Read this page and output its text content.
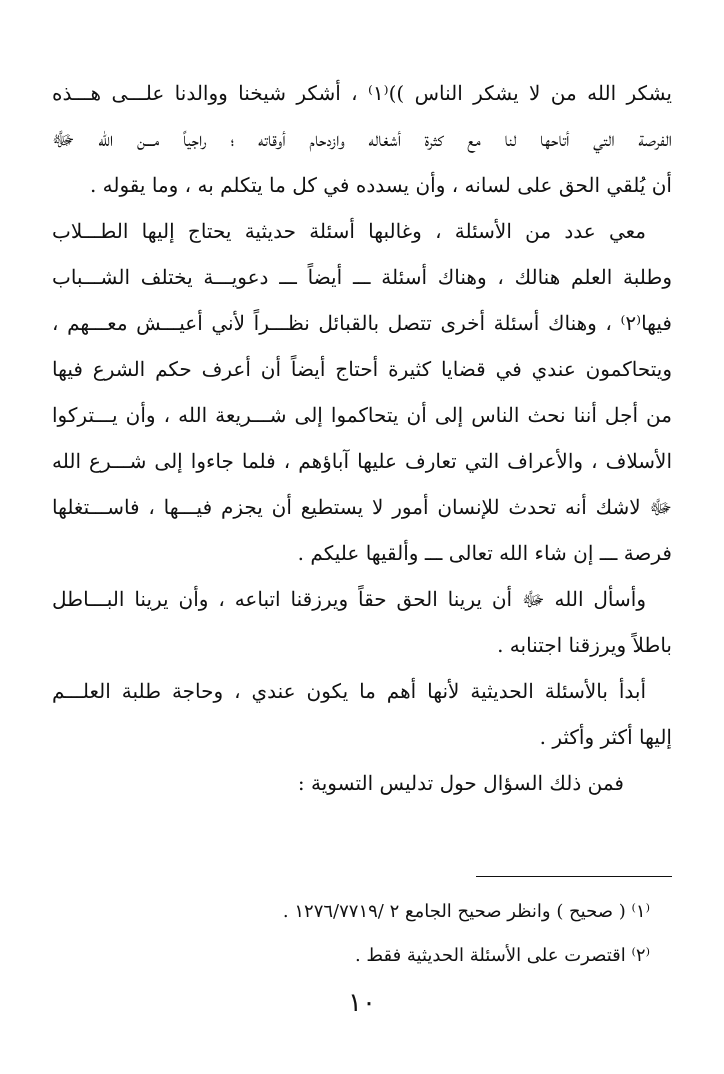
يشكر الله من لا يشكر الناس ))⁽١⁾ ، أشكر شيخنا ووالدنا علـــى هـــذه
الفرصة التي أتاحها لنا مع كثرة أشغاله وازدحام أوقاته ؛ راجياً مـــن الله ﷻ
أن يُلقي الحق على لسانه ، وأن يسدده في كل ما يتكلم به ، وما يقوله .
معي عدد من الأسئلة ، وغالبها أسئلة حديثية يحتاج إليها الطـــلاب
وطلبة العلم هنالك ، وهناك أسئلة ـــ أيضاً ـــ دعويـــة يختلف الشـــباب
فيها⁽٢⁾ ، وهناك أسئلة أخرى تتصل بالقبائل نظـــراً لأني أعيـــش معـــهم ،
ويتحاكمون عندي في قضايا كثيرة أحتاج أيضاً أن أعرف حكم الشرع فيها
من أجل أننا نحث الناس إلى أن يتحاكموا إلى شـــريعة الله ، وأن يـــتركوا
الأسلاف ، والأعراف التي تعارف عليها آباؤهم ، فلما جاءوا إلى شـــرع الله
ﷻ لاشك أنه تحدث للإنسان أمور لا يستطيع أن يجزم فيـــها ، فاســـتغلها
فرصة ـــ إن شاء الله تعالى ـــ وألقيها عليكم .
وأسأل الله ﷻ أن يرينا الحق حقاً ويرزقنا اتباعه ، وأن يرينا البـــاطل
باطلاً ويرزقنا اجتنابه .
أبدأ بالأسئلة الحديثية لأنها أهم ما يكون عندي ، وحاجة طلبة العلـــم
إليها أكثر وأكثر .
فمن ذلك السؤال حول تدليس التسوية :
⁽١⁾ ( صحيح ) وانظر صحيح الجامع ٢ /١٢٧٦/٧٧١٩ .
⁽٢⁾ اقتصرت على الأسئلة الحديثية فقط .
١٠
